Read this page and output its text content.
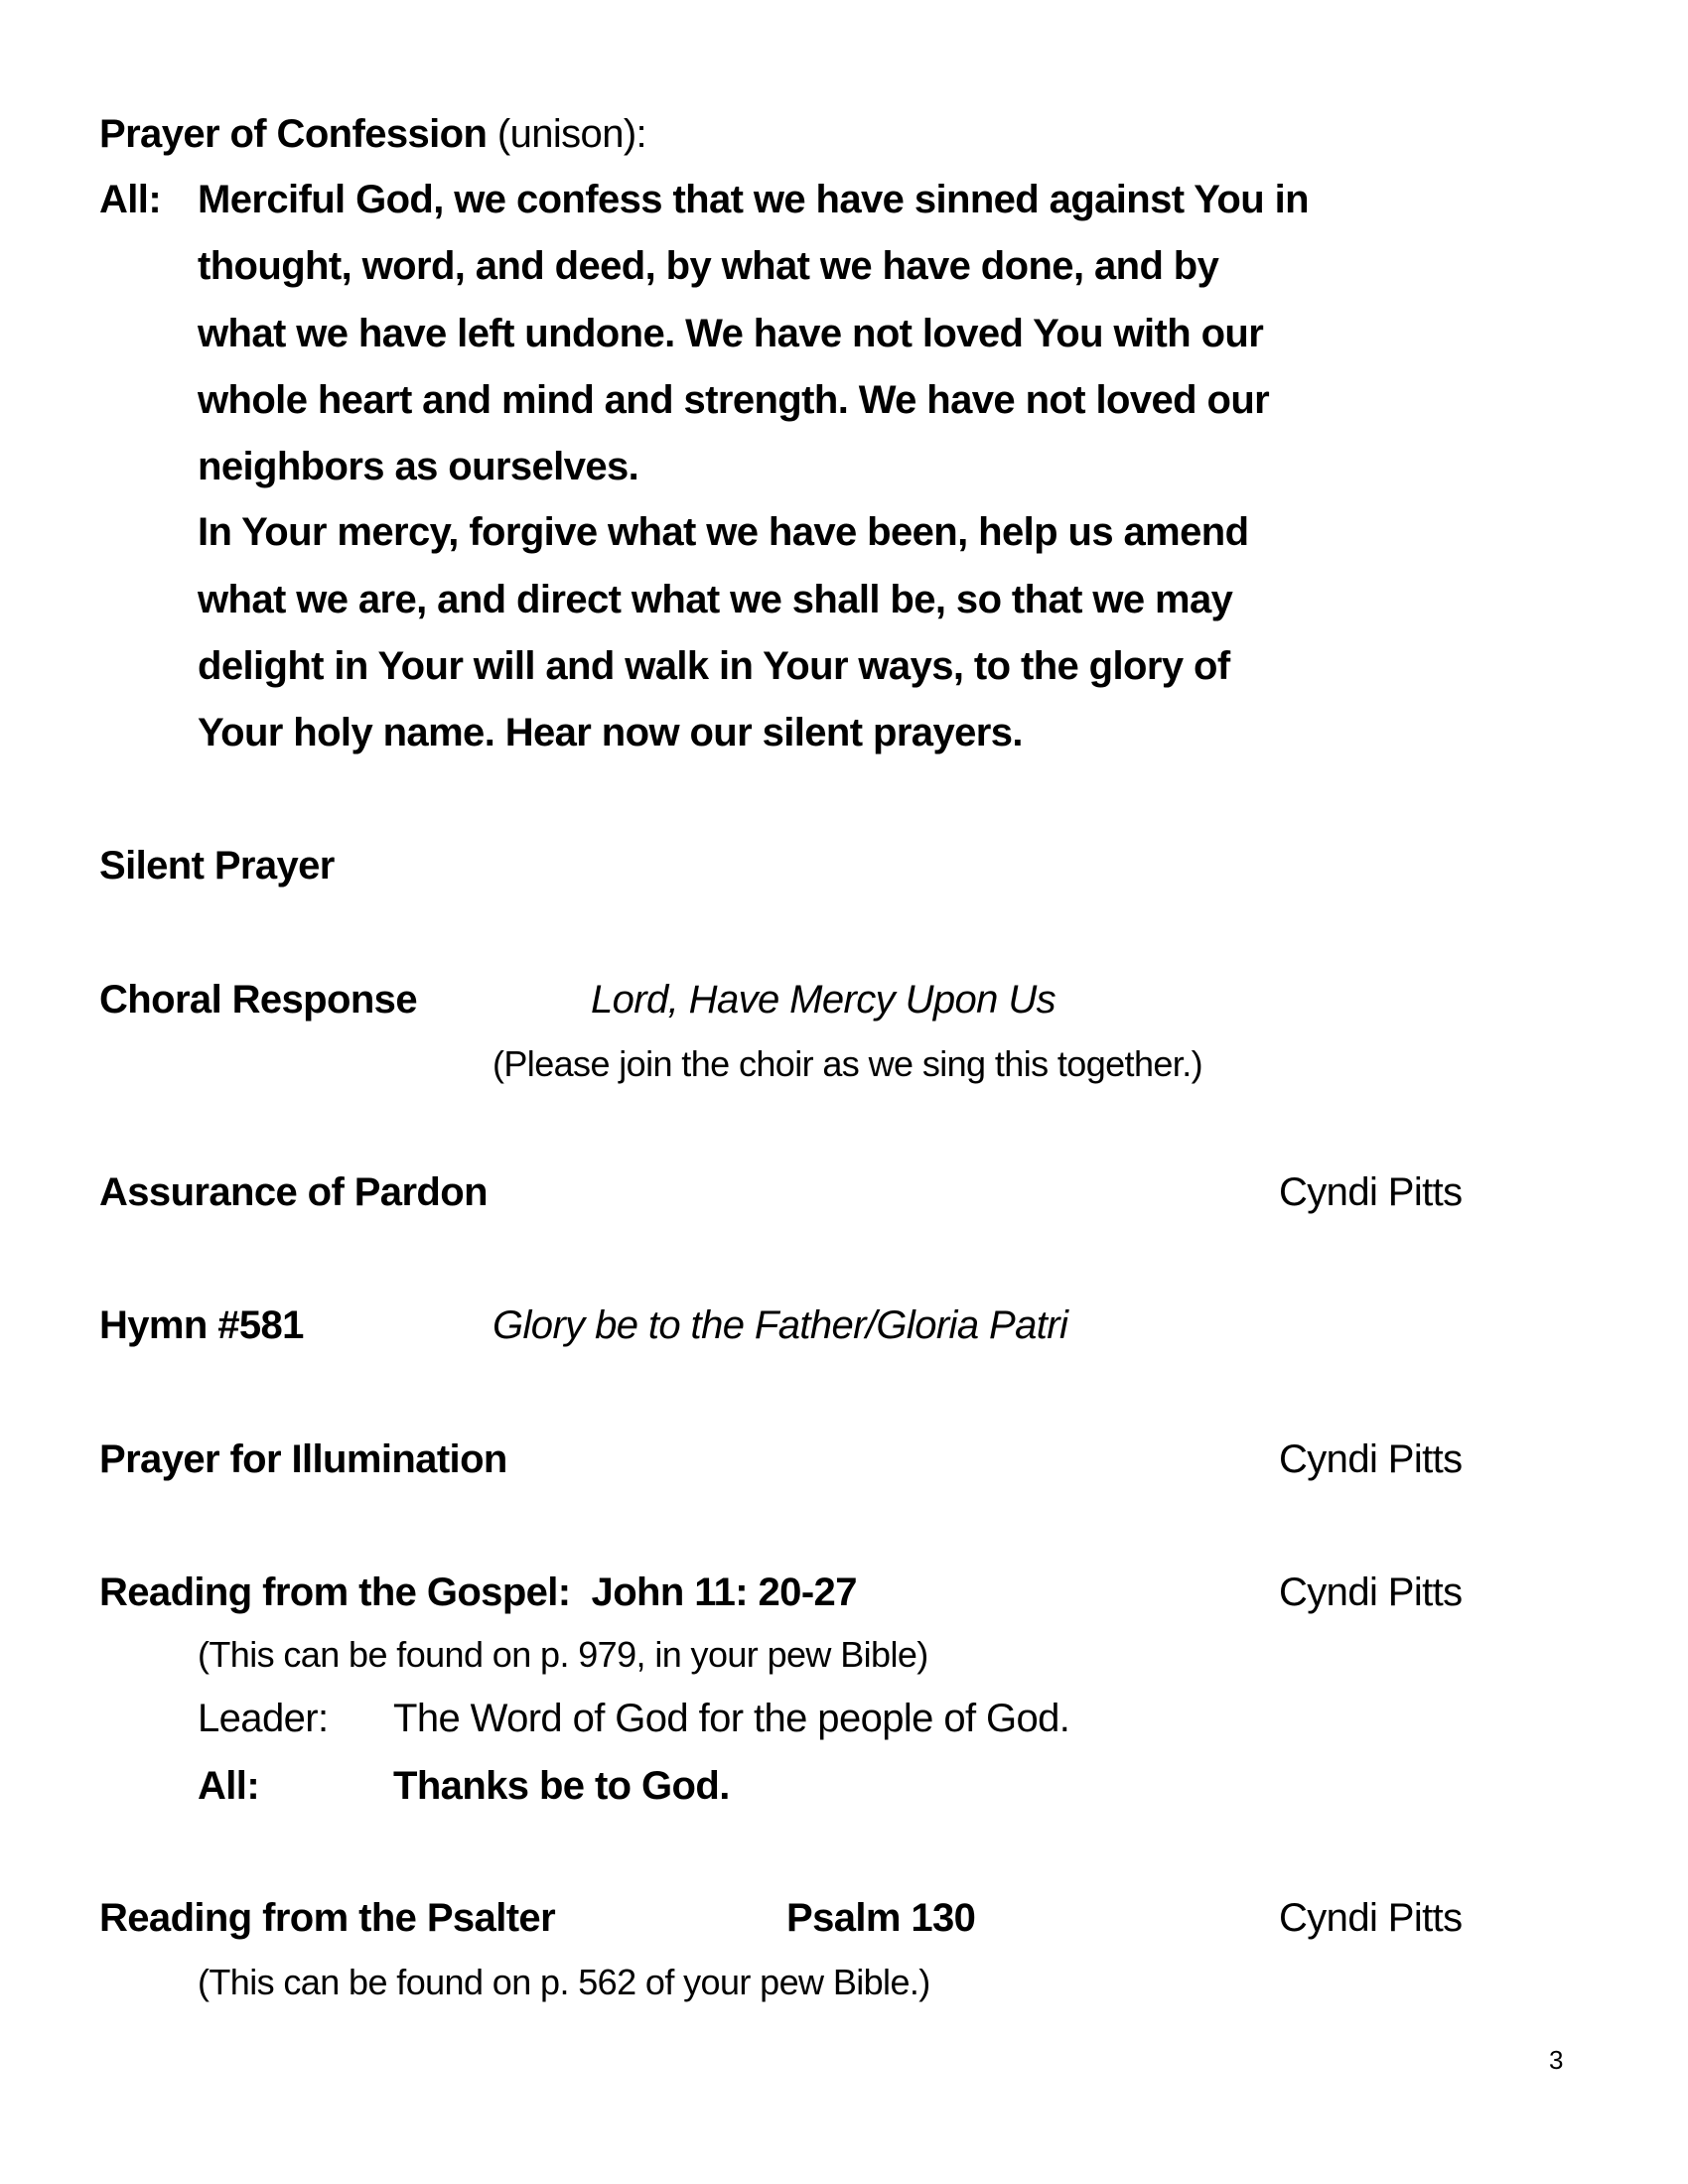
Prayer of Confession (unison):
All: Merciful God, we confess that we have sinned against You in
thought, word, and deed, by what we have done, and by
what we have left undone. We have not loved You with our
whole heart and mind and strength. We have not loved our
neighbors as ourselves.
In Your mercy, forgive what we have been, help us amend
what we are, and direct what we shall be, so that we may
delight in Your will and walk in Your ways, to the glory of
Your holy name. Hear now our silent prayers.
Silent Prayer
Choral Response	Lord, Have Mercy Upon Us
(Please join the choir as we sing this together.)
Assurance of Pardon	Cyndi Pitts
Hymn #581	Glory be to the Father/Gloria Patri
Prayer for Illumination	Cyndi Pitts
Reading from the Gospel:  John 11: 20-27	Cyndi Pitts
(This can be found on p. 979, in your pew Bible)
Leader: The Word of God for the people of God.
All:	Thanks be to God.
Reading from the Psalter	Psalm 130	Cyndi Pitts
(This can be found on p. 562 of your pew Bible.)
3
